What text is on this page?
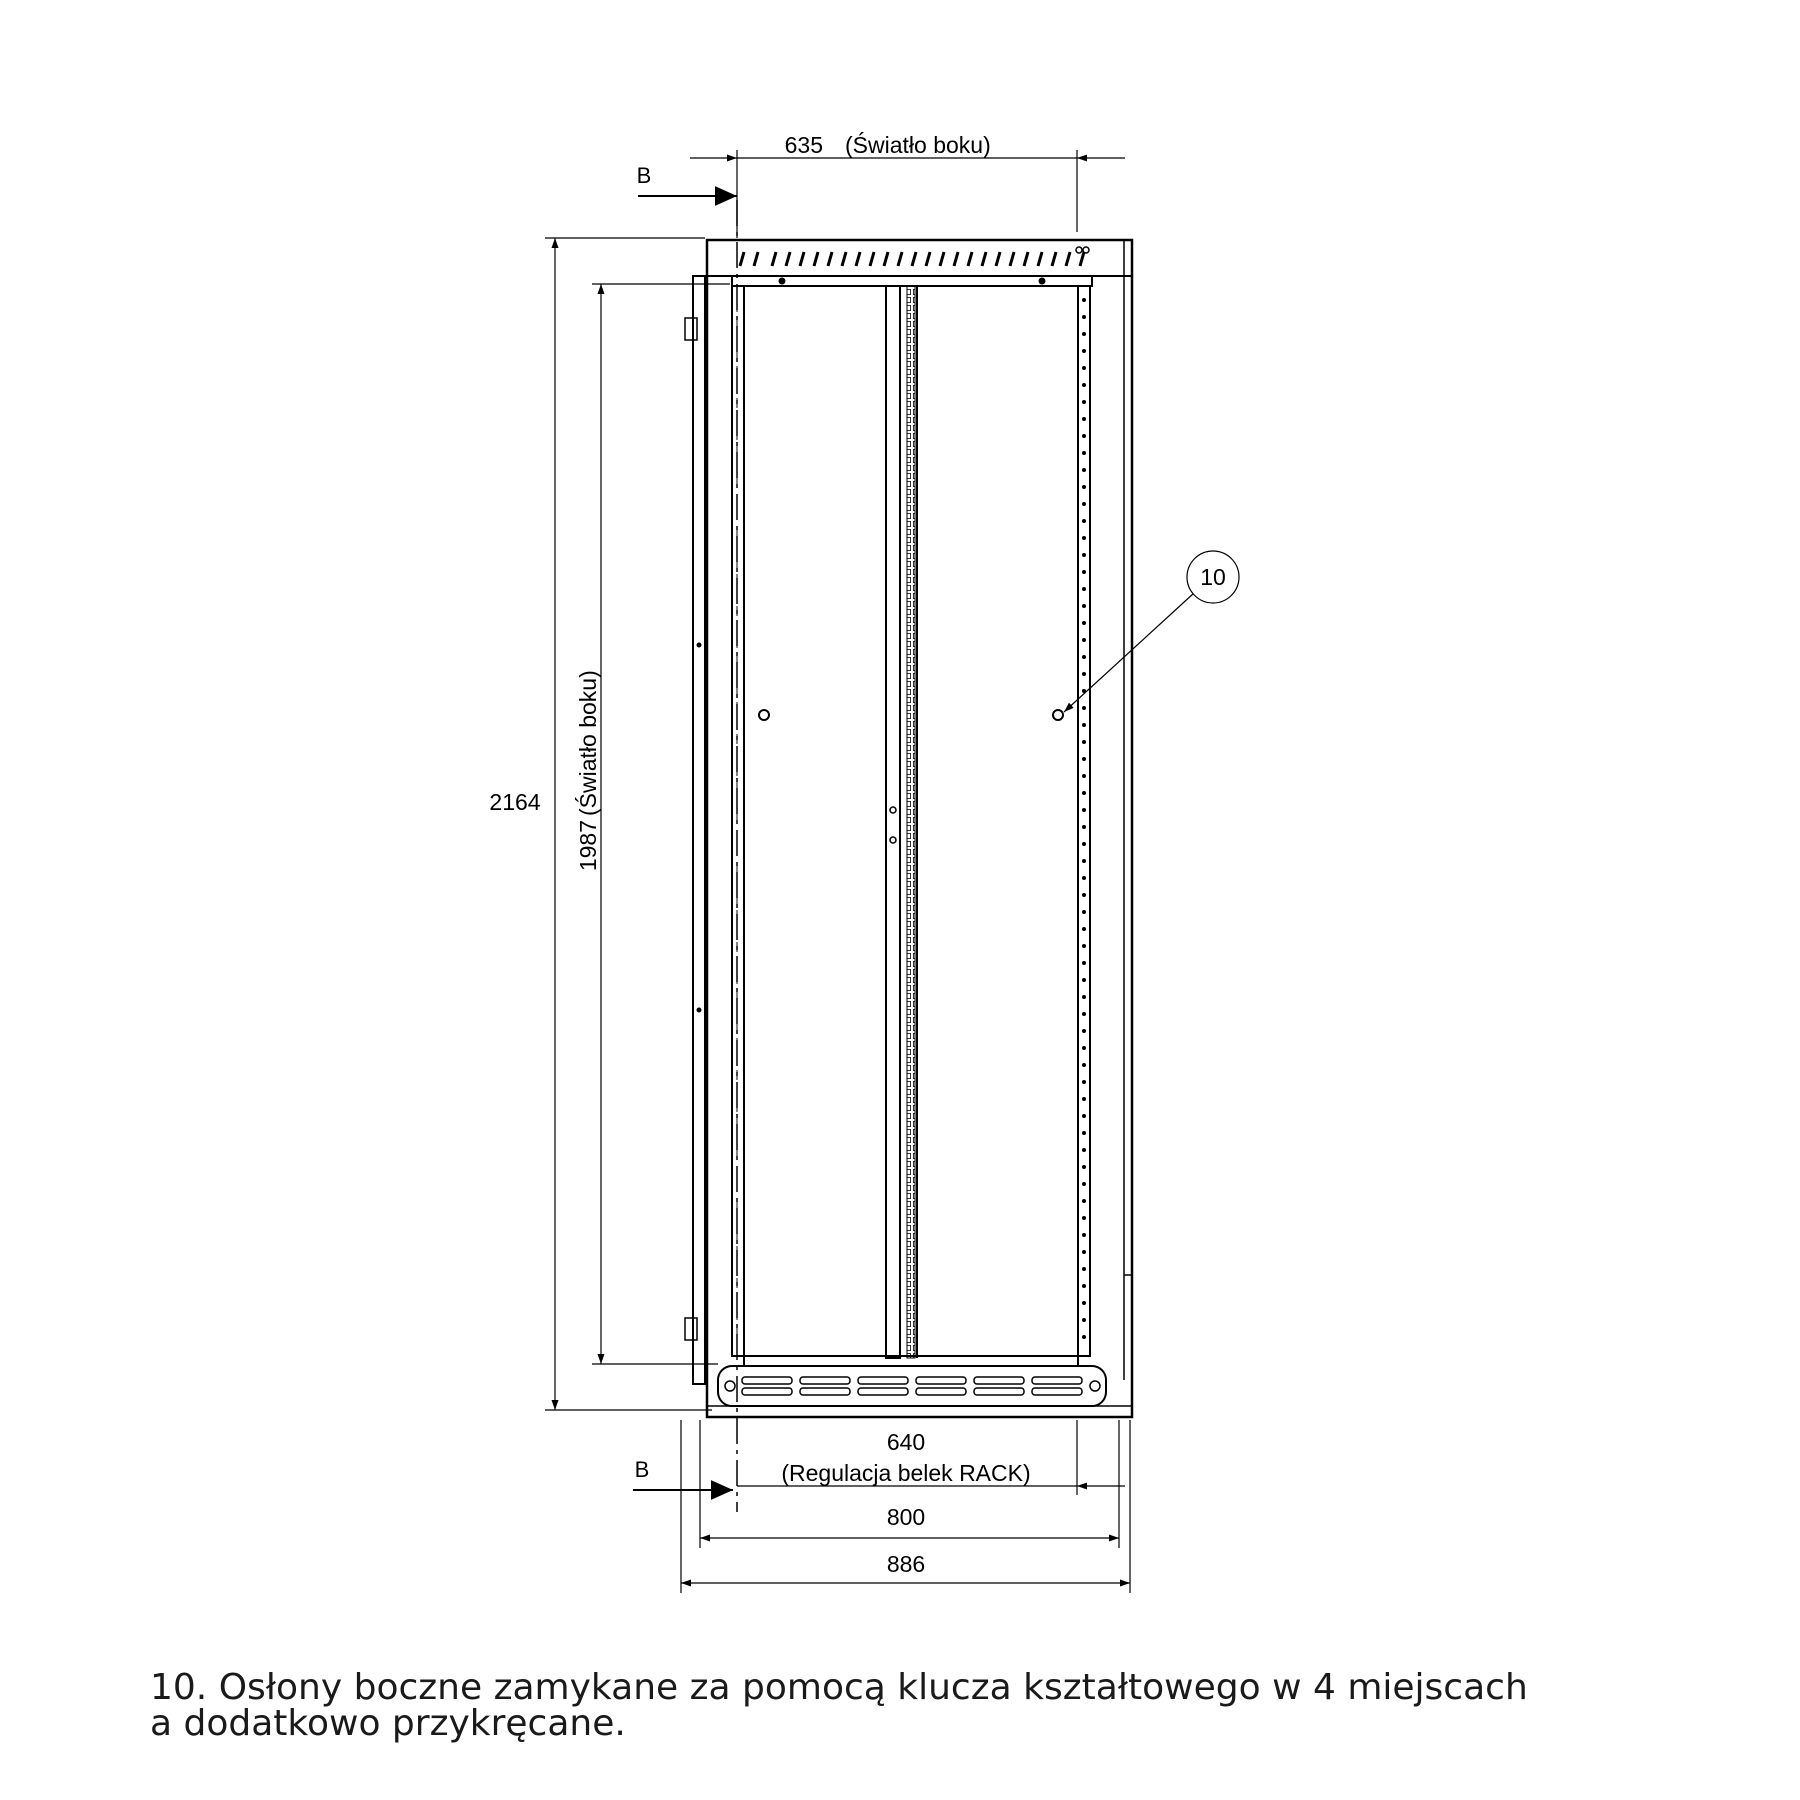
B
B
635 (Światło boku)
2164
1987
(Światło boku)
640
(Regulacja belek RACK)
800
886
10
10. Osłony boczne zamykane za pomocą klucza kształtowego w 4 miejscach
a dodatkowo przykręcane.
